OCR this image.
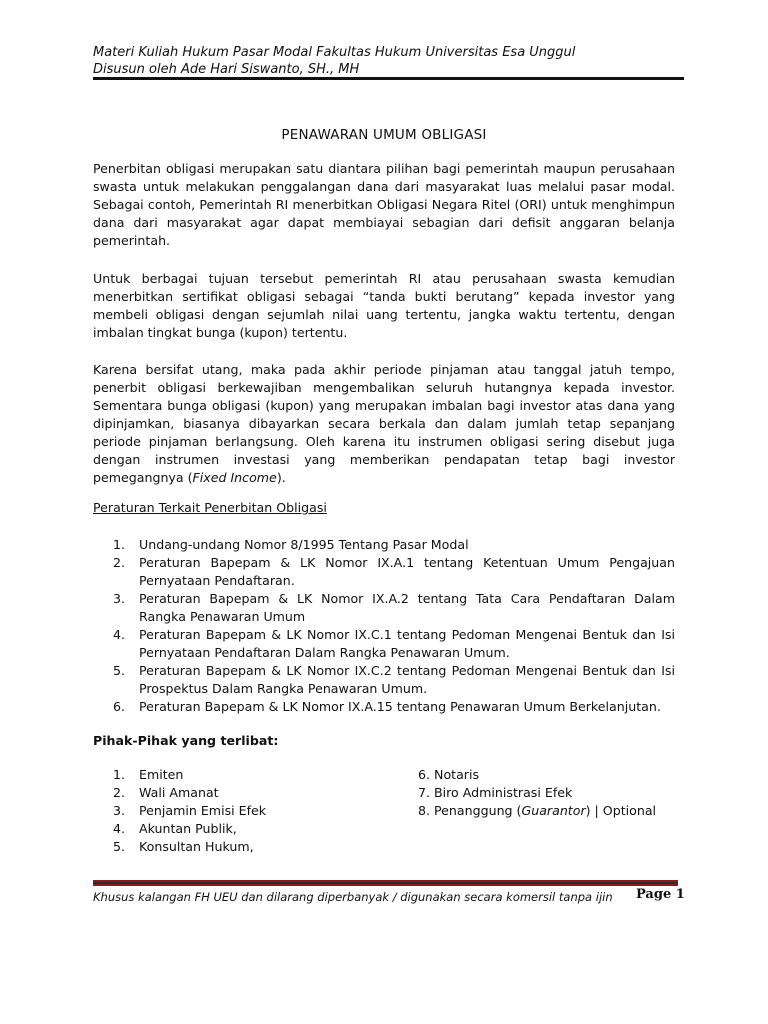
Materi Kuliah Hukum Pasar Modal Fakultas Hukum Universitas Esa Unggul
Disusun oleh Ade Hari Siswanto, SH., MH
PENAWARAN UMUM OBLIGASI
Penerbitan obligasi merupakan satu diantara pilihan bagi pemerintah maupun perusahaan swasta untuk melakukan penggalangan dana dari masyarakat luas melalui pasar modal. Sebagai contoh, Pemerintah RI menerbitkan Obligasi Negara Ritel (ORI) untuk menghimpun dana dari masyarakat agar dapat membiayai sebagian dari defisit anggaran belanja pemerintah.
Untuk berbagai tujuan tersebut pemerintah RI atau perusahaan swasta kemudian menerbitkan sertifikat obligasi sebagai “tanda bukti berutang” kepada investor yang membeli obligasi dengan sejumlah nilai uang tertentu, jangka waktu tertentu, dengan imbalan tingkat bunga (kupon) tertentu.
Karena bersifat utang, maka pada akhir periode pinjaman atau tanggal jatuh tempo, penerbit obligasi berkewajiban mengembalikan seluruh hutangnya kepada investor. Sementara bunga obligasi (kupon) yang merupakan imbalan bagi investor atas dana yang dipinjamkan, biasanya dibayarkan secara berkala dan dalam jumlah tetap sepanjang periode pinjaman berlangsung. Oleh karena itu instrumen obligasi sering disebut juga dengan instrumen investasi yang memberikan pendapatan tetap bagi investor pemegangnya (Fixed Income).
Peraturan Terkait Penerbitan Obligasi
1. Undang-undang Nomor 8/1995 Tentang Pasar Modal
2. Peraturan Bapepam & LK Nomor IX.A.1 tentang Ketentuan Umum Pengajuan Pernyataan Pendaftaran.
3. Peraturan Bapepam & LK Nomor IX.A.2 tentang Tata Cara Pendaftaran Dalam Rangka Penawaran Umum
4. Peraturan Bapepam & LK Nomor IX.C.1 tentang Pedoman Mengenai Bentuk dan Isi Pernyataan Pendaftaran Dalam Rangka Penawaran Umum.
5. Peraturan Bapepam & LK Nomor IX.C.2 tentang Pedoman Mengenai Bentuk dan Isi Prospektus Dalam Rangka Penawaran Umum.
6. Peraturan Bapepam & LK Nomor IX.A.15 tentang Penawaran Umum Berkelanjutan.
Pihak-Pihak yang terlibat:
1. Emiten
2. Wali Amanat
3. Penjamin Emisi Efek
4. Akuntan Publik,
5. Konsultan Hukum,
6. Notaris
7. Biro Administrasi Efek
8. Penanggung (Guarantor) | Optional
Khusus kalangan FH UEU dan dilarang diperbanyak / digunakan secara komersil tanpa ijin Page 1
